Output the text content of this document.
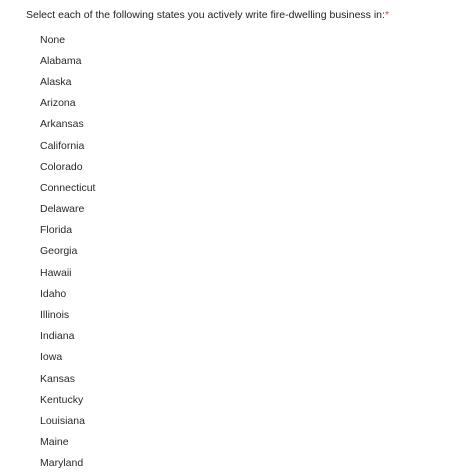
Select each of the following states you actively write fire-dwelling business in:*
None
Alabama
Alaska
Arizona
Arkansas
California
Colorado
Connecticut
Delaware
Florida
Georgia
Hawaii
Idaho
Illinois
Indiana
Iowa
Kansas
Kentucky
Louisiana
Maine
Maryland
